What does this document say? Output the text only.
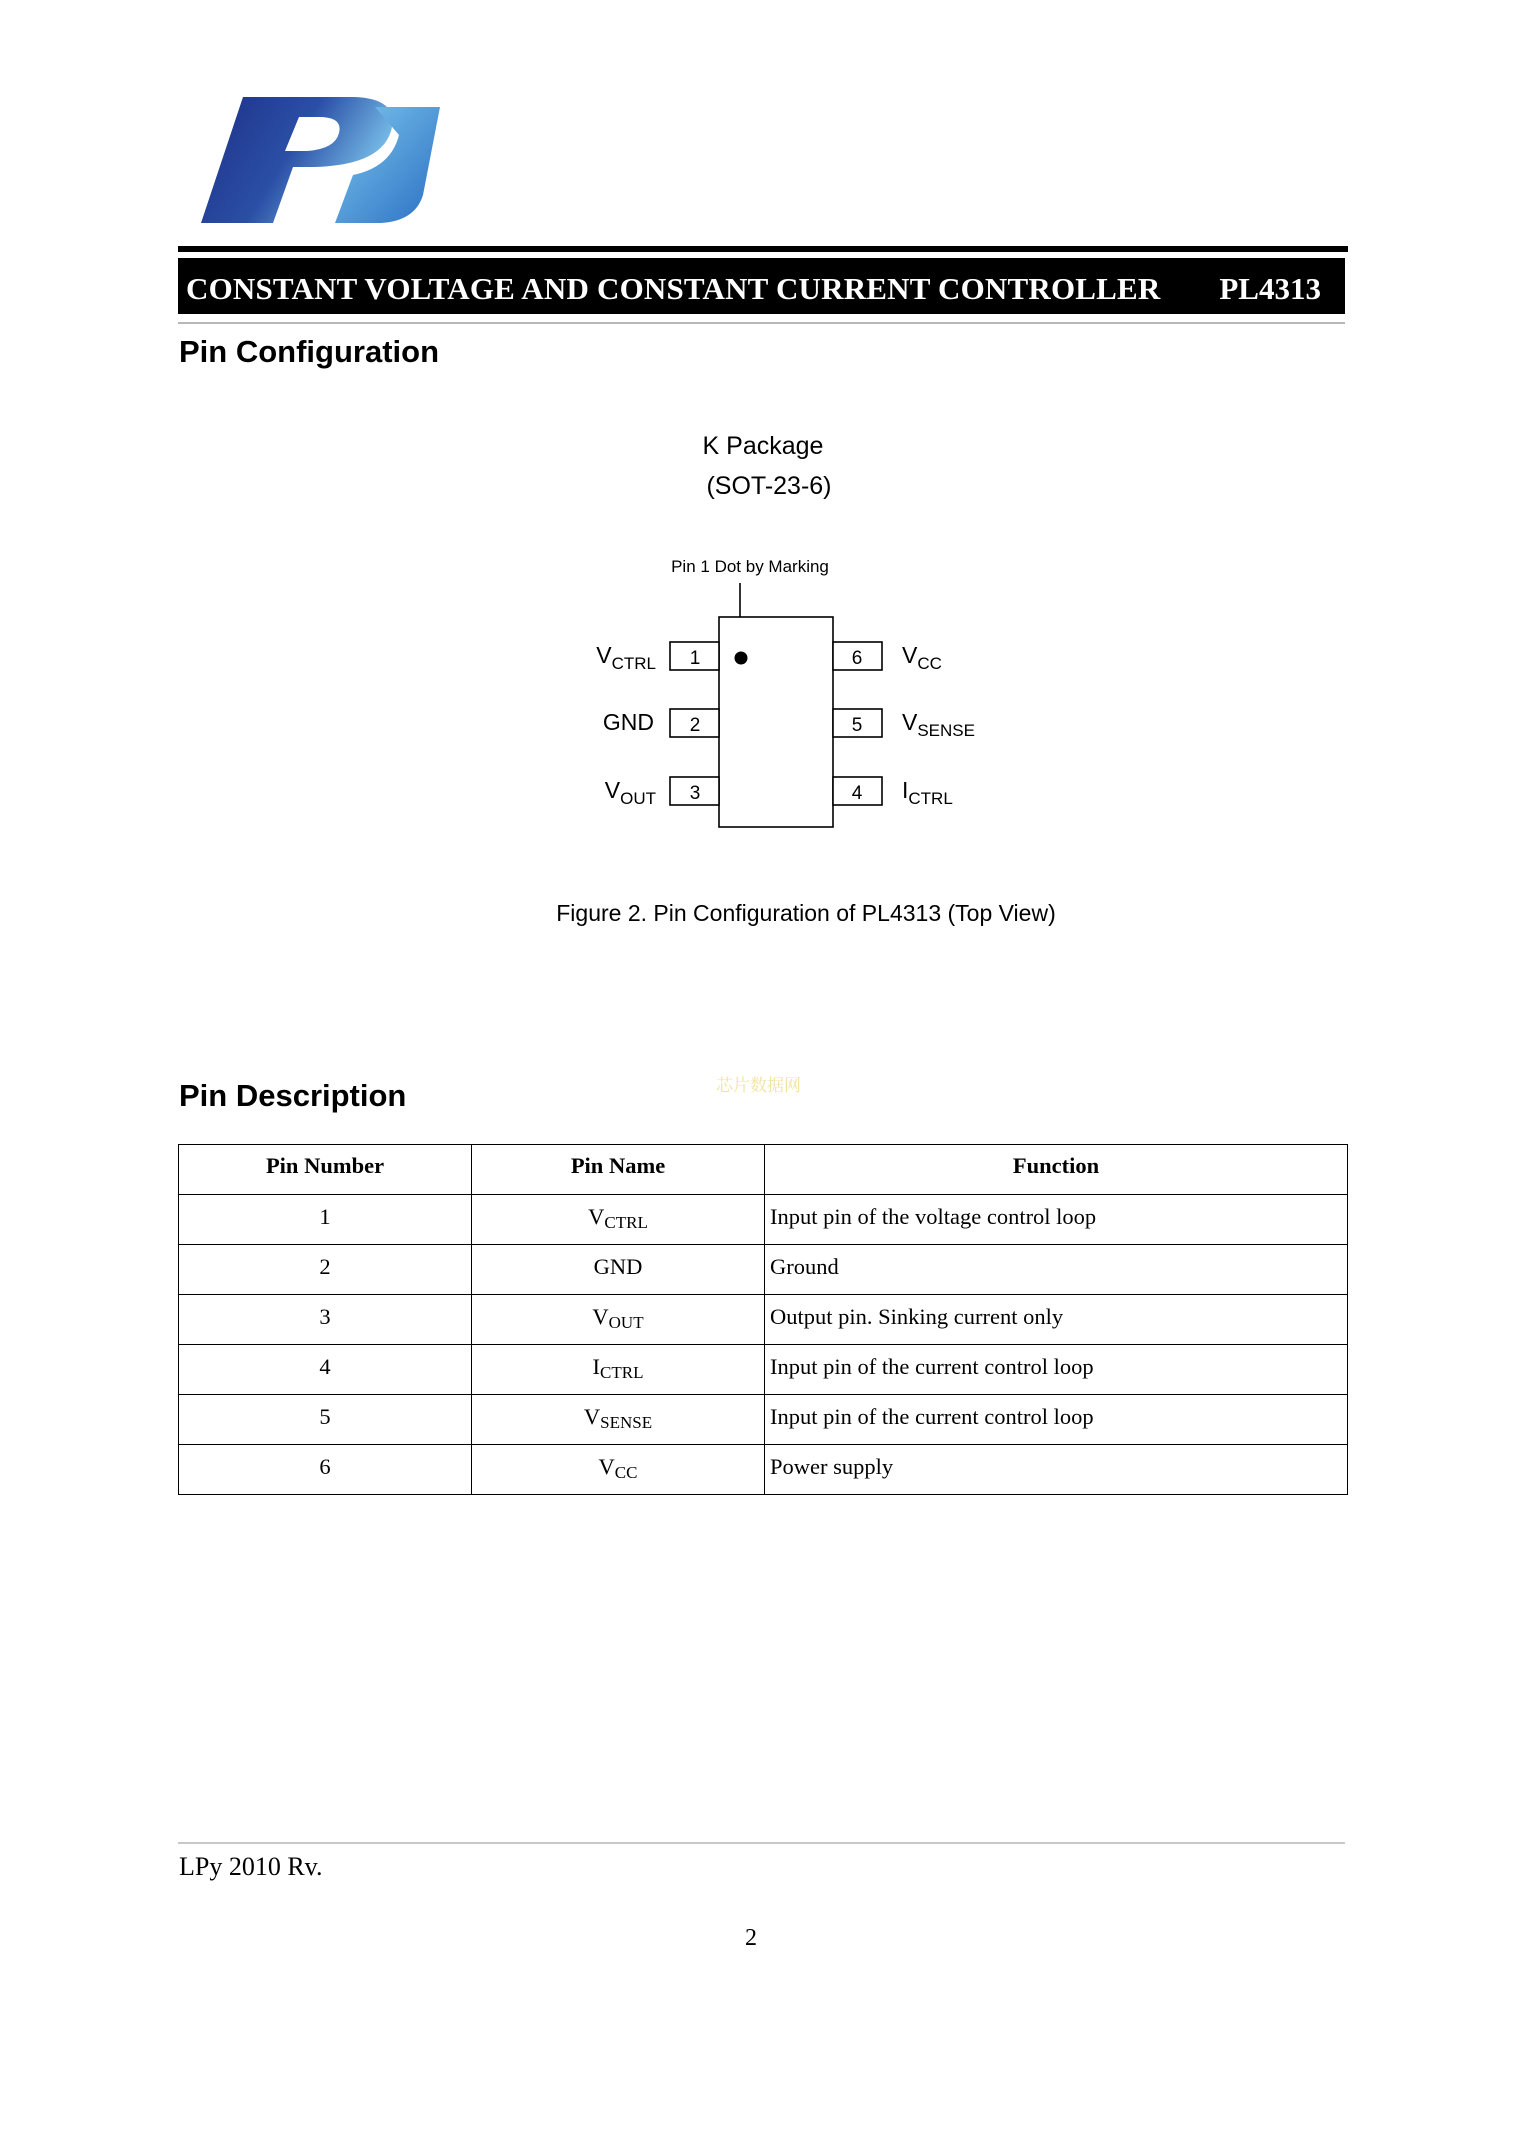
CONSTANT VOLTAGE AND CONSTANT CURRENT CONTROLLER PL4313
Pin Configuration
K Package
(SOT-23-6)
Pin 1 Dot by Marking
1
$V_{CTRL}$
2
GND
3
$V_{OUT}$
6 $V_{CC}$
5 $V_{SENSE}$
4 $I_{CTRL}$
Figure 2. Pin Configuration of PL4313 (Top View)
芯片数据网
Pin Description
Pin Number	Pin Name	Function
1	$V_{CTRL}$	Input pin of the voltage control loop
2	GND	Ground
3	$V_{OUT}$	Output pin. Sinking current only
4	$I_{CTRL}$	Input pin of the current control loop
5	$V_{SENSE}$	Input pin of the current control loop
6	$V_{CC}$	Power supply
LPy 2010 Rv.
2
